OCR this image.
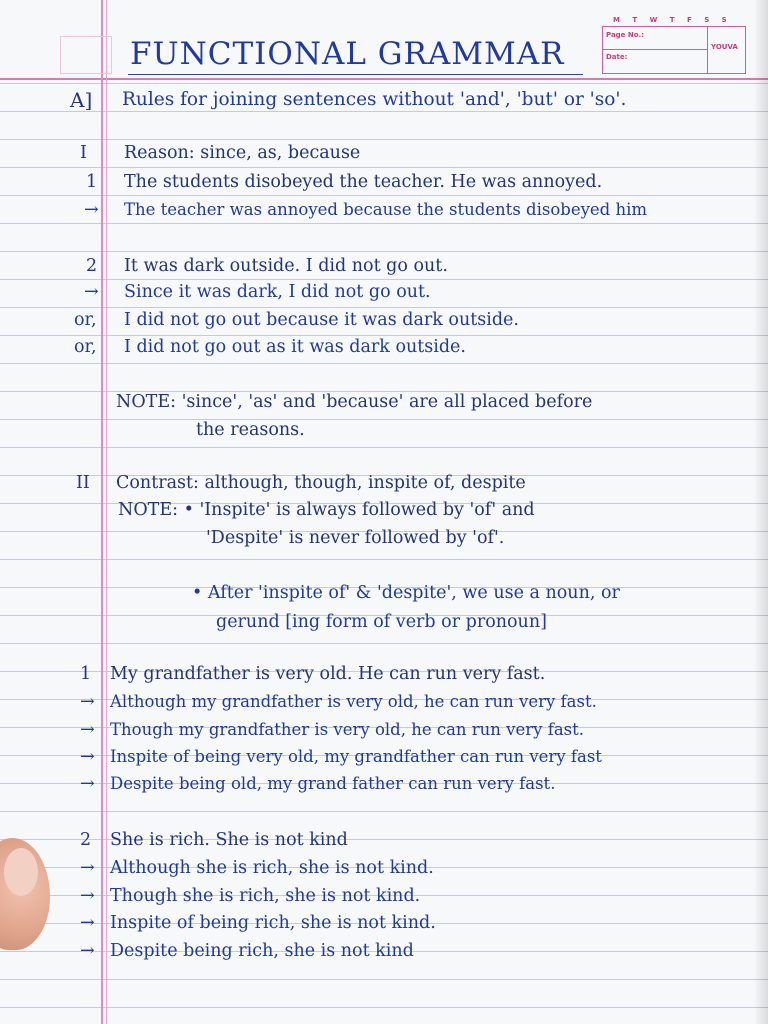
M T W T F S S
Page No.:
Date:
YOUVA
FUNCTIONAL GRAMMAR
A] Rules for joining sentences without 'and', 'but' or 'so'.
I Reason: since, as, because
1 The students disobeyed the teacher. He was annoyed.
→ The teacher was annoyed because the students disobeyed him
2 It was dark outside. I did not go out.
→ Since it was dark, I did not go out.
or, I did not go out because it was dark outside.
or, I did not go out as it was dark outside.
NOTE: 'since', 'as' and 'because' are all placed before
the reasons.
II Contrast: although, though, inspite of, despite
NOTE: • 'Inspite' is always followed by 'of' and
'Despite' is never followed by 'of'.
• After 'inspite of' & 'despite', we use a noun, or
gerund [ing form of verb or pronoun]
1 My grandfather is very old. He can run very fast.
→ Although my grandfather is very old, he can run very fast.
→ Though my grandfather is very old, he can run very fast.
→ Inspite of being very old, my grandfather can run very fast
→ Despite being old, my grand father can run very fast.
2 She is rich. She is not kind
→ Although she is rich, she is not kind.
→ Though she is rich, she is not kind.
→ Inspite of being rich, she is not kind.
→ Despite being rich, she is not kind
